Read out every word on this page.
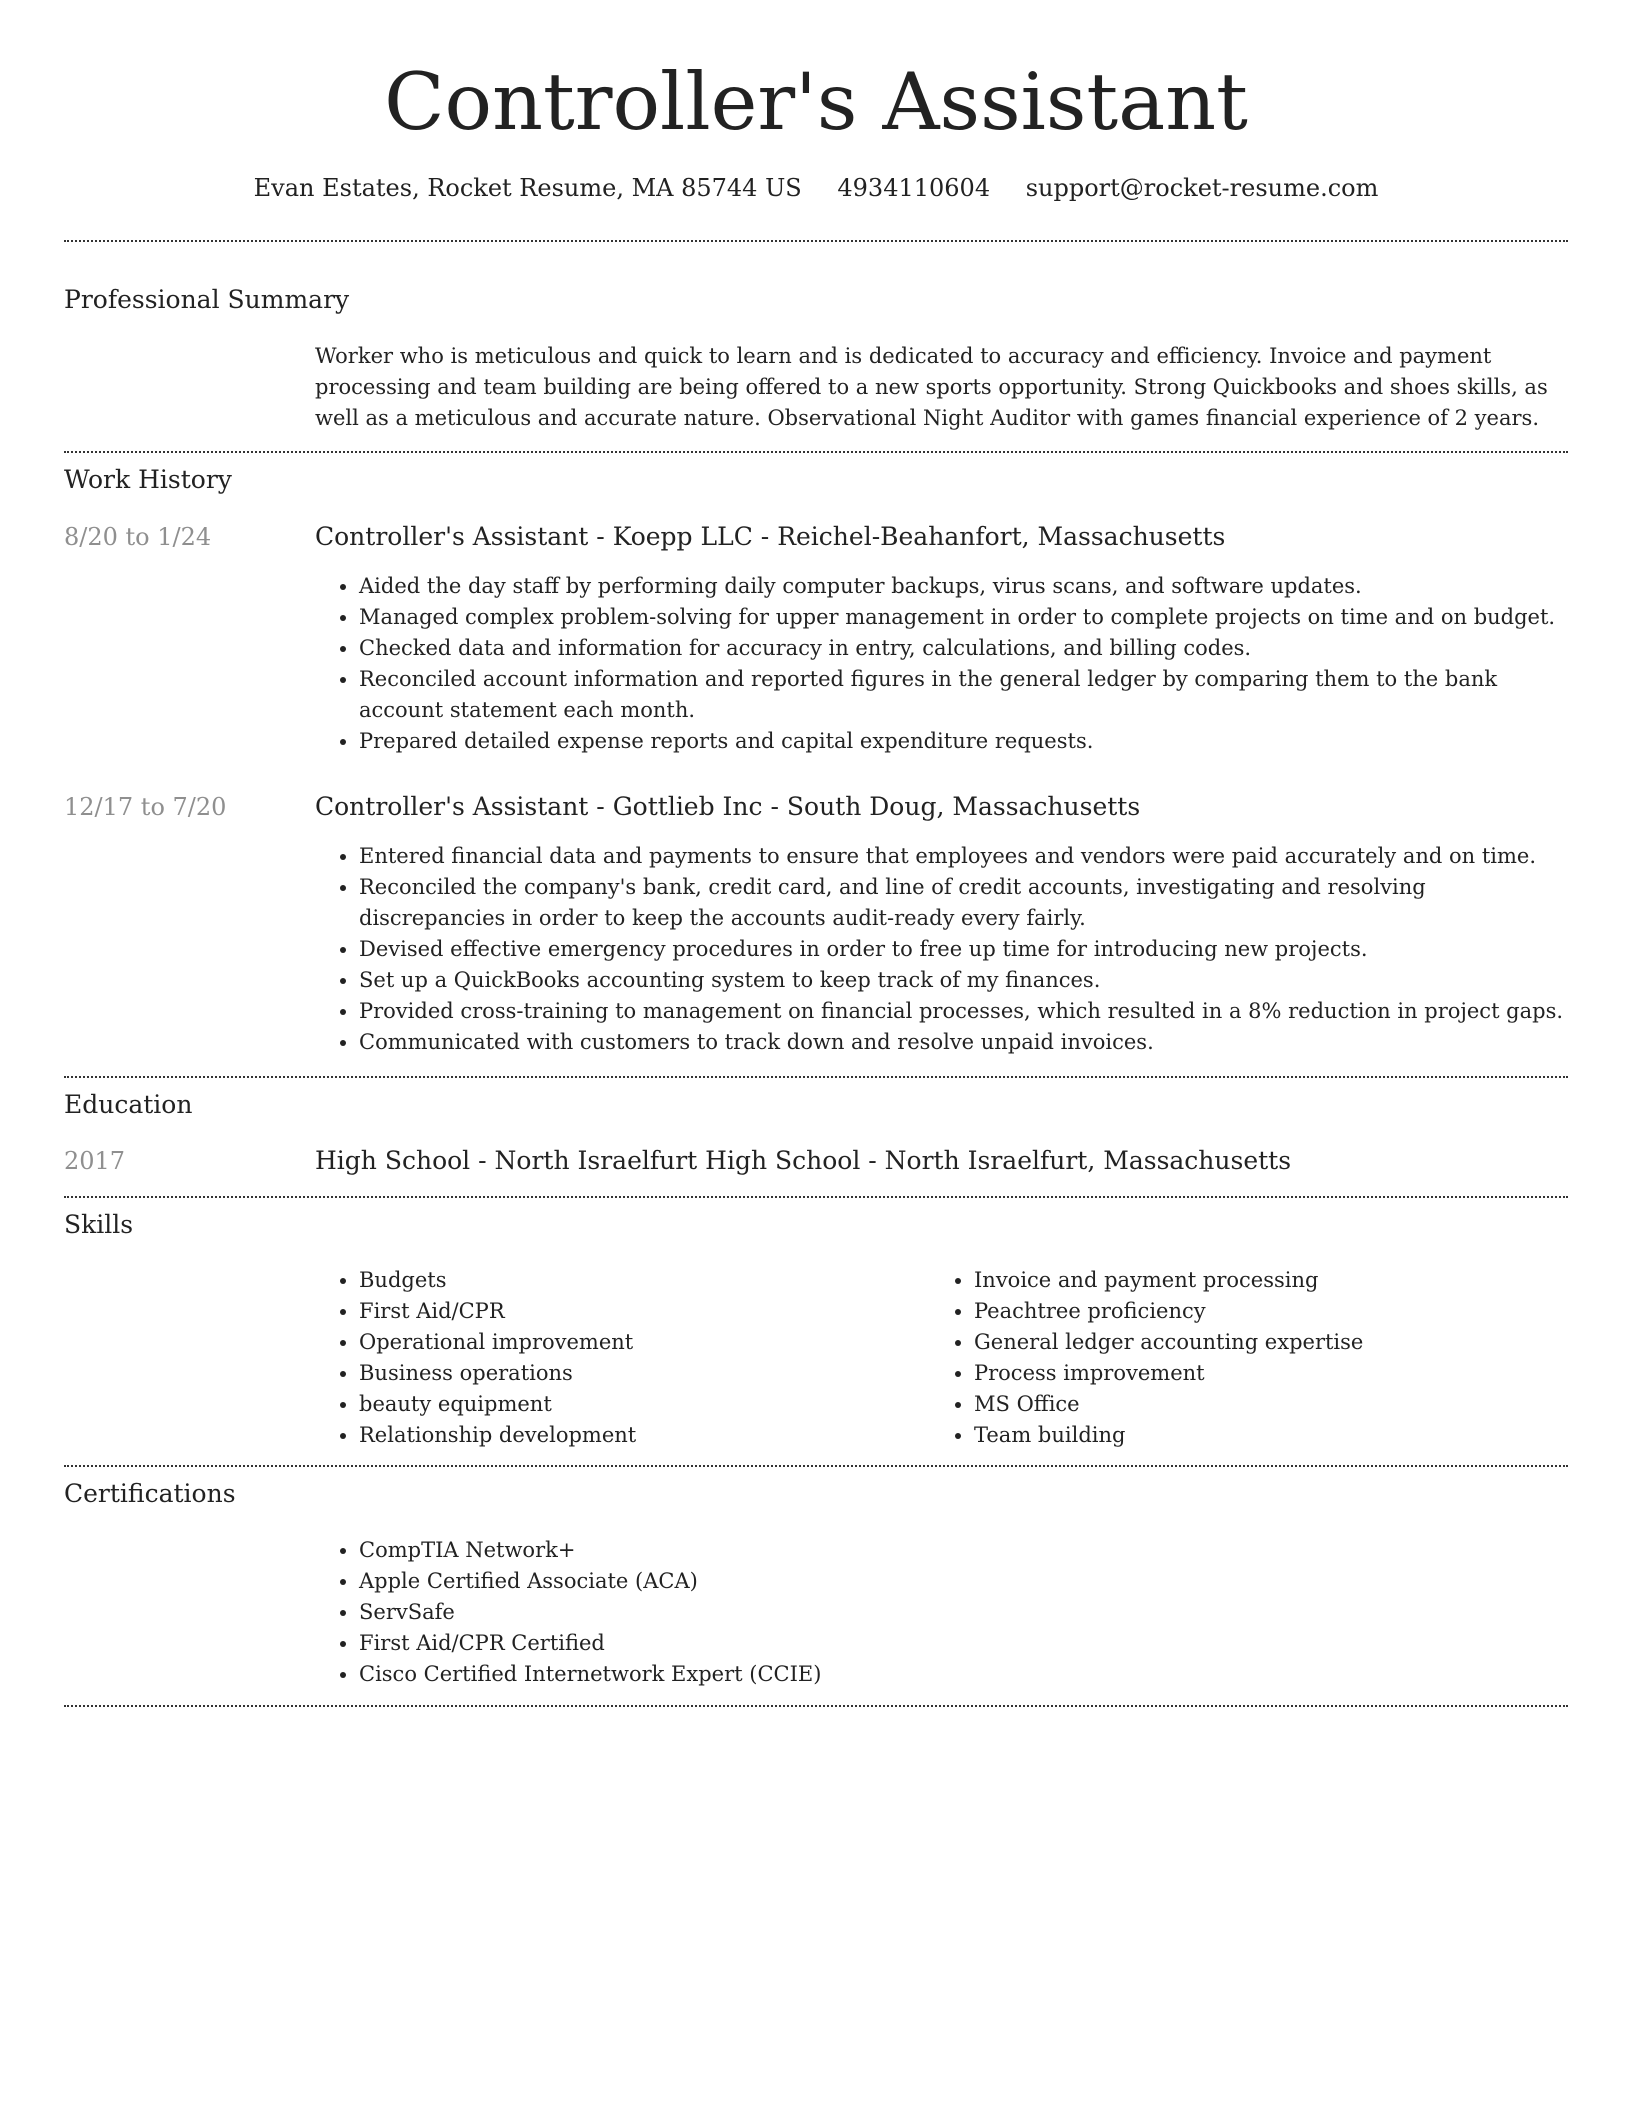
Controller's Assistant
Evan Estates, Rocket Resume, MA 85744 US 4934110604 support@rocket-resume.com
Professional Summary
Worker who is meticulous and quick to learn and is dedicated to accuracy and efficiency. Invoice and payment processing and team building are being offered to a new sports opportunity. Strong Quickbooks and shoes skills, as well as a meticulous and accurate nature. Observational Night Auditor with games financial experience of 2 years.
Work History
8/20 to 1/24	Controller's Assistant - Koepp LLC - Reichel-Beahanfort, Massachusetts
• Aided the day staff by performing daily computer backups, virus scans, and software updates.
• Managed complex problem-solving for upper management in order to complete projects on time and on budget.
• Checked data and information for accuracy in entry, calculations, and billing codes.
• Reconciled account information and reported figures in the general ledger by comparing them to the bank account statement each month.
• Prepared detailed expense reports and capital expenditure requests.
12/17 to 7/20	Controller's Assistant - Gottlieb Inc - South Doug, Massachusetts
• Entered financial data and payments to ensure that employees and vendors were paid accurately and on time.
• Reconciled the company's bank, credit card, and line of credit accounts, investigating and resolving discrepancies in order to keep the accounts audit-ready every fairly.
• Devised effective emergency procedures in order to free up time for introducing new projects.
• Set up a QuickBooks accounting system to keep track of my finances.
• Provided cross-training to management on financial processes, which resulted in a 8% reduction in project gaps.
• Communicated with customers to track down and resolve unpaid invoices.
Education
2017	High School - North Israelfurt High School - North Israelfurt, Massachusetts
Skills
• Budgets
• First Aid/CPR
• Operational improvement
• Business operations
• beauty equipment
• Relationship development
• Invoice and payment processing
• Peachtree proficiency
• General ledger accounting expertise
• Process improvement
• MS Office
• Team building
Certifications
• CompTIA Network+
• Apple Certified Associate (ACA)
• ServSafe
• First Aid/CPR Certified
• Cisco Certified Internetwork Expert (CCIE)
